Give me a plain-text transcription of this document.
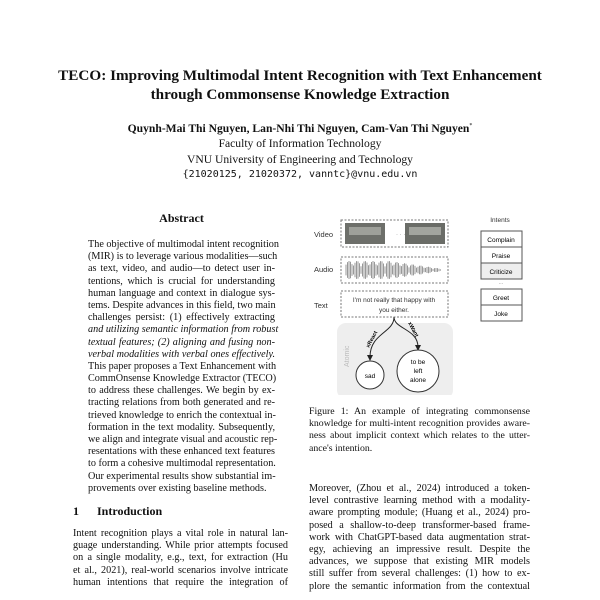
TECO: Improving Multimodal Intent Recognition with Text Enhancement
through Commonsense Knowledge Extraction
Quynh-Mai Thi Nguyen, Lan-Nhi Thi Nguyen, Cam-Van Thi Nguyen*
Faculty of Information Technology
VNU University of Engineering and Technology
{21020125, 21020372, vanntc}@vnu.edu.vn
Abstract
The objective of multimodal intent recognition
(MIR) is to leverage various modalities—such
as text, video, and audio—to detect user in-
tentions, which is crucial for understanding
human language and context in dialogue sys-
tems. Despite advances in this field, two main
challenges persist: (1) effectively extracting
and utilizing semantic information from robust
textual features; (2) aligning and fusing non-
verbal modalities with verbal ones effectively.
This paper proposes a Text Enhancement with
CommOnsense Knowledge Extractor (TECO)
to address these challenges. We begin by ex-
tracting relations from both generated and re-
trieved knowledge to enrich the contextual in-
formation in the text modality. Subsequently,
we align and integrate visual and acoustic rep-
resentations with these enhanced text features
to form a cohesive multimodal representation.
Our experimental results show substantial im-
provements over existing baseline methods.
1 Introduction
Intent recognition plays a vital role in natural lan-
guage understanding. While prior attempts focused
on a single modality, e.g., text, for extraction (Hu
et al., 2021), real-world scenarios involve intricate
human intentions that require the integration of
Video	· · ·
Audio
Text
I'm not really that happy with
you either.
Intents
Complain
Praise
Criticize
...
Greet
Joke
Atomic
xReact
xWant
sad
to be
left
alone
Figure 1: An example of integrating commonsense
knowledge for multi-intent recognition provides aware-
ness about implicit context which relates to the utter-
ance's intention.
Moreover, (Zhou et al., 2024) introduced a token-
level contrastive learning method with a modality-
aware prompting module; (Huang et al., 2024) pro-
posed a shallow-to-deep transformer-based frame-
work with ChatGPT-based data augmentation strat-
egy, achieving an impressive result. Despite the
advances, we suppose that existing MIR models
still suffer from several challenges: (1) how to ex-
plore the semantic information from the contextual
